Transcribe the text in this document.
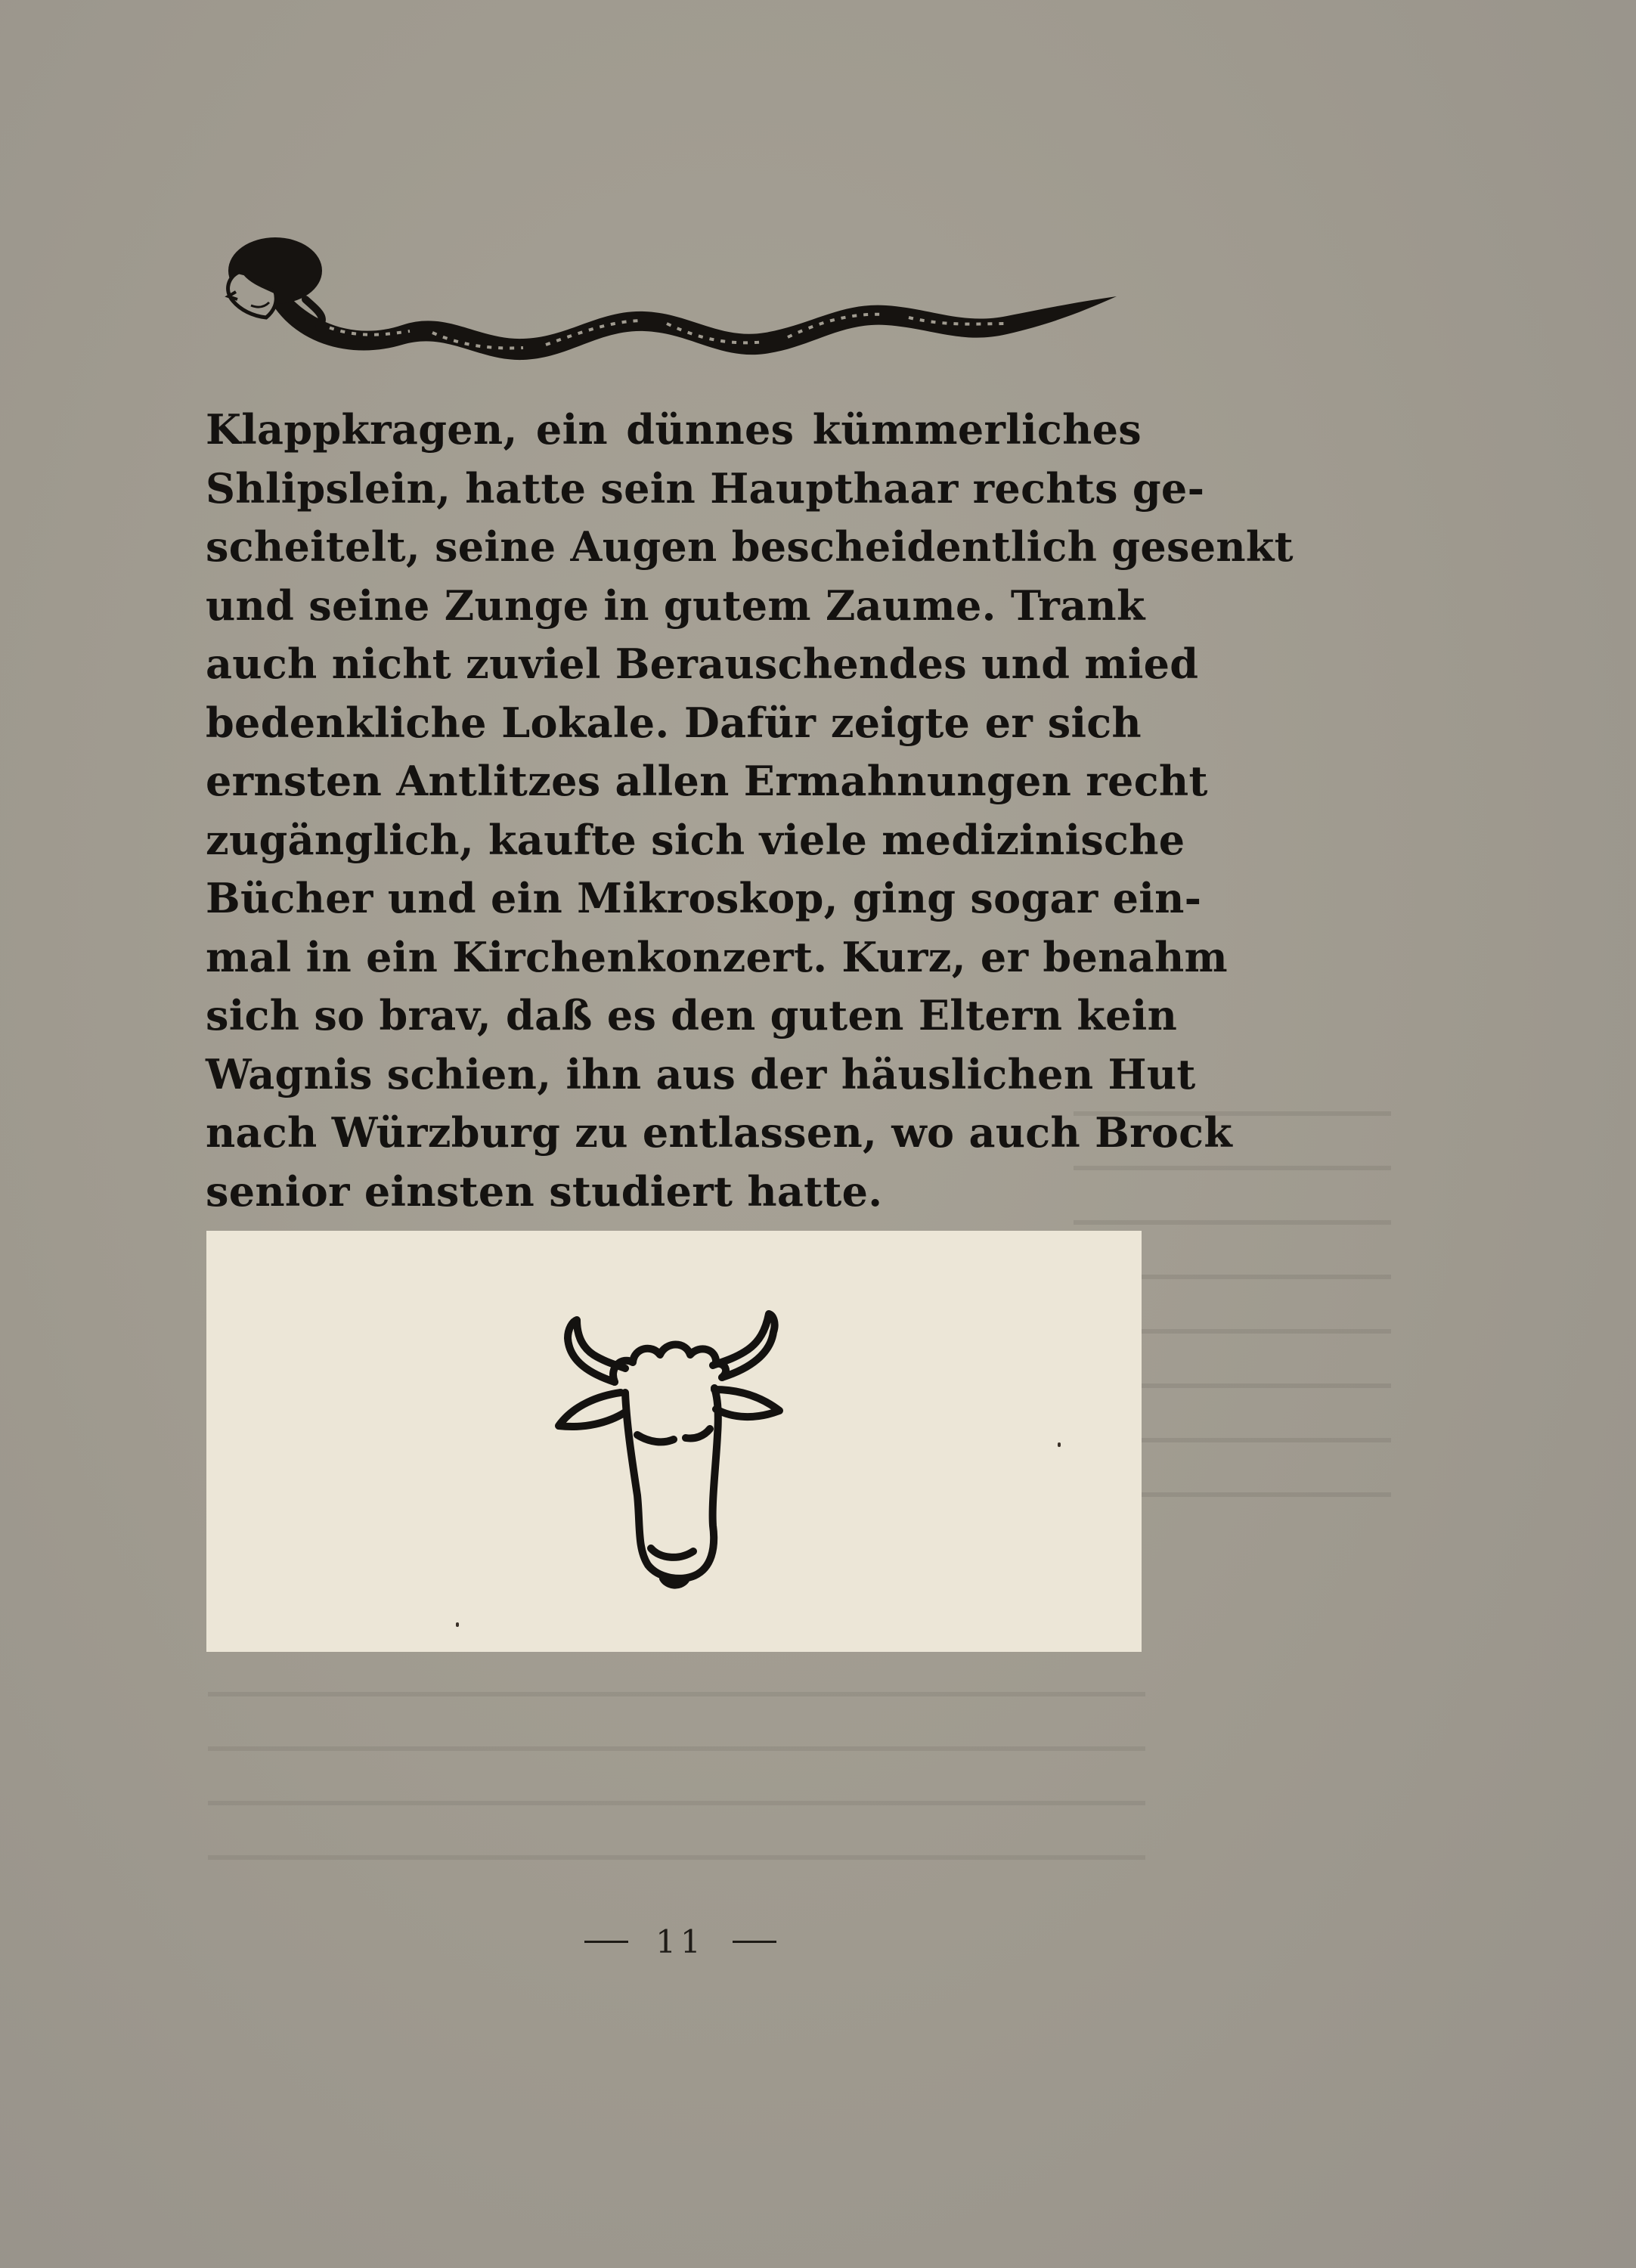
Klappkragen, ein dünnes kümmerliches
Shlipslein, hatte sein Haupthaar rechts ge-
scheitelt, seine Augen bescheidentlich gesenkt
und seine Zunge in gutem Zaume. Trank
auch nicht zuviel Berauschendes und mied
bedenkliche Lokale. Dafür zeigte er sich
ernsten Antlitzes allen Ermahnungen recht
zugänglich, kaufte sich viele medizinische
Bücher und ein Mikroskop, ging sogar ein-
mal in ein Kirchenkonzert. Kurz, er benahm
sich so brav, daß es den guten Eltern kein
Wagnis schien, ihn aus der häuslichen Hut
nach Würzburg zu entlassen, wo auch Brock
senior einsten studiert hatte.
11
